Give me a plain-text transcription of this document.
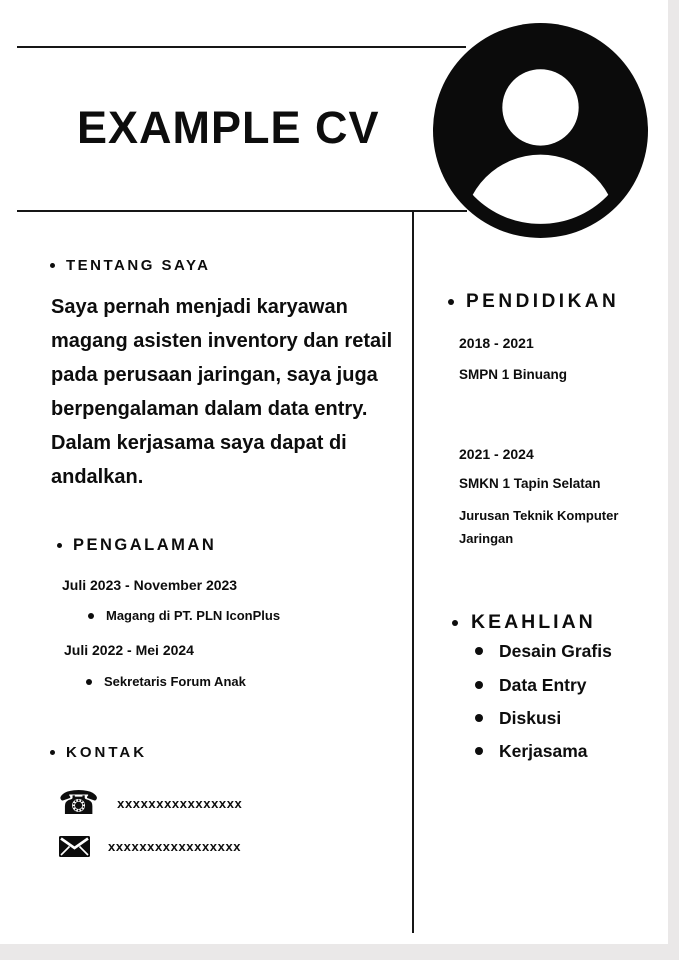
EXAMPLE CV
TENTANG SAYA

Saya pernah menjadi karyawan magang asisten inventory dan retail pada perusaan jaringan, saya juga berpengalaman dalam data entry. Dalam kerjasama saya dapat di andalkan.

PENGALAMAN
Juli 2023 - November 2023
Magang di PT. PLN IconPlus
Juli 2022 - Mei 2024
Sekretaris Forum Anak
KONTAK
☎ xxxxxxxxxxxxxxxx
xxxxxxxxxxxxxxxxx
PENDIDIKAN
2018 - 2021
SMPN 1 Binuang
2021 - 2024
SMKN 1 Tapin Selatan
Jurusan Teknik Komputer Jaringan
KEAHLIAN
Desain Grafis
Data Entry
Diskusi
Kerjasama
